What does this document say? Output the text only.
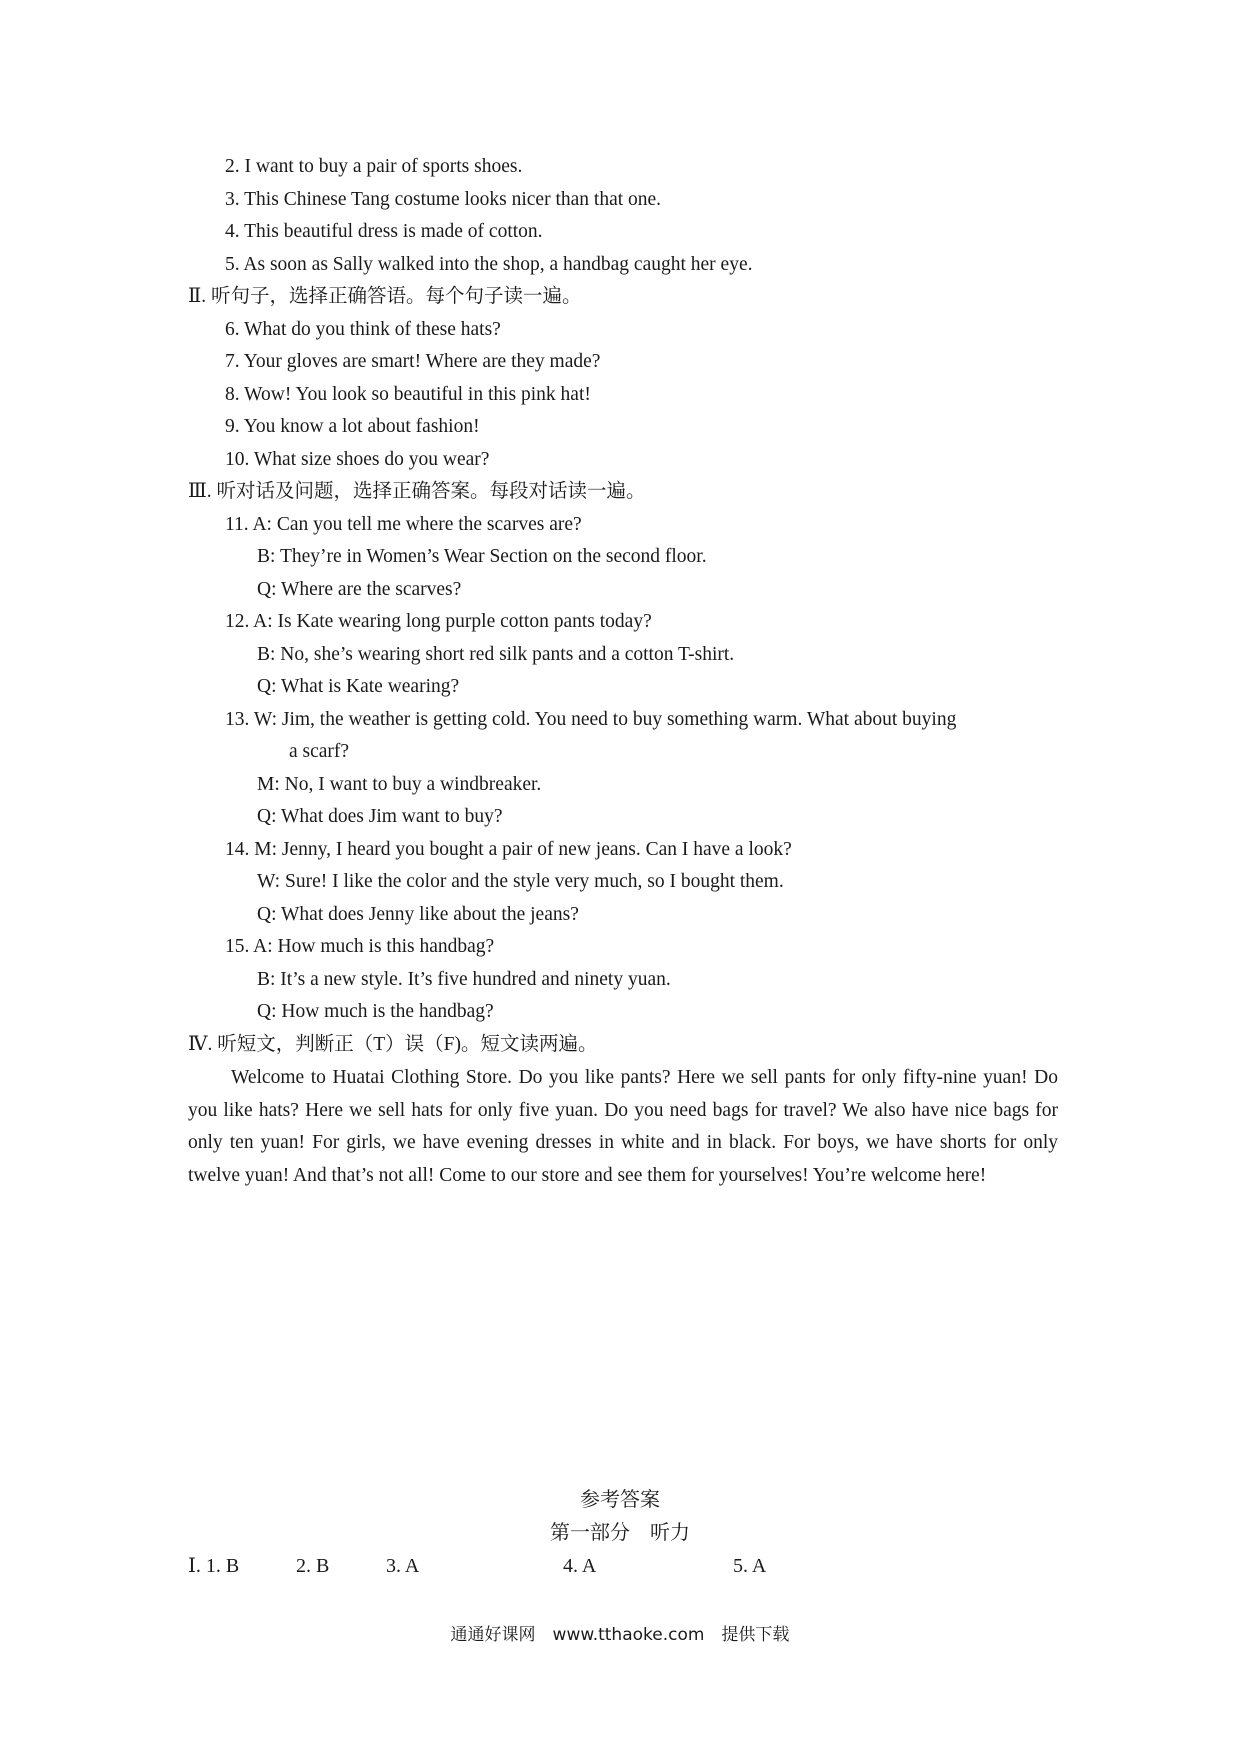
2. I want to buy a pair of sports shoes.
3. This Chinese Tang costume looks nicer than that one.
4. This beautiful dress is made of cotton.
5. As soon as Sally walked into the shop, a handbag caught her eye.
Ⅱ. 听句子，选择正确答语。每个句子读一遍。
6. What do you think of these hats?
7. Your gloves are smart! Where are they made?
8. Wow! You look so beautiful in this pink hat!
9. You know a lot about fashion!
10. What size shoes do you wear?
Ⅲ. 听对话及问题，选择正确答案。每段对话读一遍。
11. A: Can you tell me where the scarves are?
B: They’re in Women’s Wear Section on the second floor.
Q: Where are the scarves?
12. A: Is Kate wearing long purple cotton pants today?
B: No, she’s wearing short red silk pants and a cotton T-shirt.
Q: What is Kate wearing?
13. W: Jim, the weather is getting cold. You need to buy something warm. What about buying
a scarf?
M: No, I want to buy a windbreaker.
Q: What does Jim want to buy?
14. M: Jenny, I heard you bought a pair of new jeans. Can I have a look?
W: Sure! I like the color and the style very much, so I bought them.
Q: What does Jenny like about the jeans?
15. A: How much is this handbag?
B: It’s a new style. It’s five hundred and ninety yuan.
Q: How much is the handbag?
Ⅳ. 听短文，判断正（T）误（F)。短文读两遍。
Welcome to Huatai Clothing Store. Do you like pants? Here we sell pants for only fifty-nine yuan! Do you like hats? Here we sell hats for only five yuan. Do you need bags for travel? We also have nice bags for only ten yuan! For girls, we have evening dresses in white and in black. For boys, we have shorts for only twelve yuan! And that’s not all! Come to our store and see them for yourselves! You’re welcome here!
参考答案
第一部分　听力
Ⅰ. 1. B	2. B	3. A	4. A	5. A
通通好课网　www.tthaoke.com　提供下载
